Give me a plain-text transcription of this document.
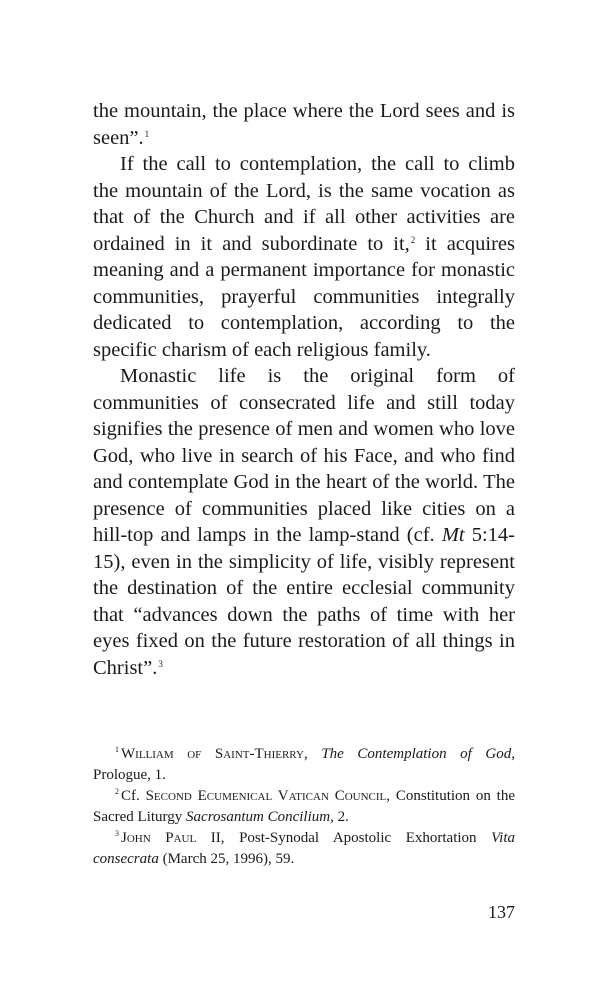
the mountain, the place where the Lord sees and is seen”.$^1$

If the call to contemplation, the call to climb the mountain of the Lord, is the same vocation as that of the Church and if all other activities are ordained in it and subordinate to it,$^2$ it acquires meaning and a permanent importance for monastic communities, prayerful communities integrally dedicated to contemplation, according to the specific charism of each religious family.

Monastic life is the original form of communities of consecrated life and still today signifies the presence of men and women who love God, who live in search of his Face, and who find and contemplate God in the heart of the world. The presence of communities placed like cities on a hill-top and lamps in the lamp-stand (cf. Mt 5:14-15), even in the simplicity of life, visibly represent the destination of the entire ecclesial community that “advances down the paths of time with her eyes fixed on the future restoration of all things in Christ”.$^3$

$^1$ William of Saint-Thierry, The Contemplation of God, Prologue, 1.

$^2$ Cf. Second Ecumenical Vatican Council, Constitution on the Sacred Liturgy Sacrosantum Concilium, 2.

$^3$ John Paul II, Post-Synodal Apostolic Exhortation Vita consecrata (March 25, 1996), 59.

137
